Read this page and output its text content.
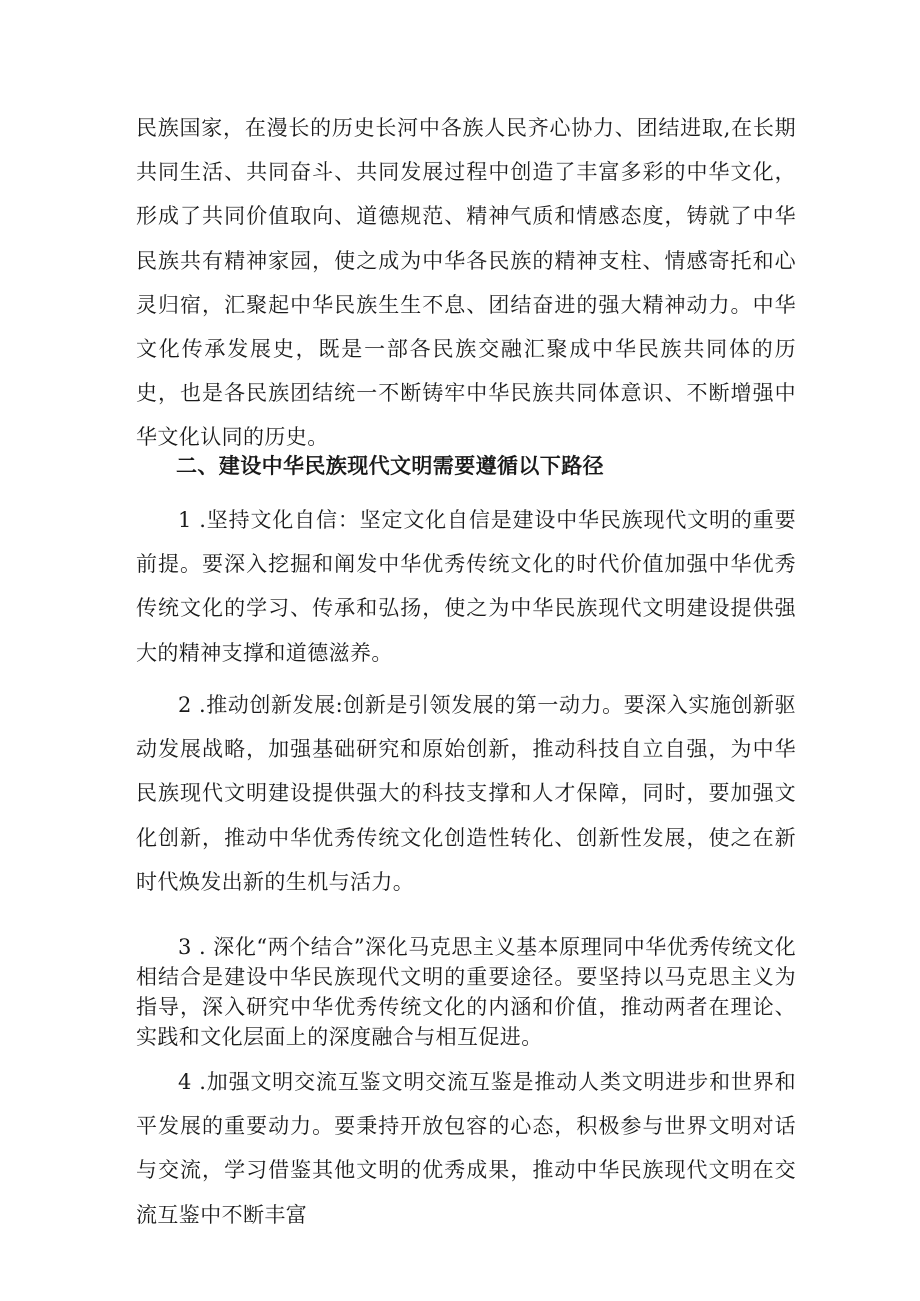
民族国家，在漫长的历史长河中各族人民齐心协力、团结进取,在长期共同生活、共同奋斗、共同发展过程中创造了丰富多彩的中华文化，形成了共同价值取向、道德规范、精神气质和情感态度，铸就了中华民族共有精神家园，使之成为中华各民族的精神支柱、情感寄托和心灵归宿，汇聚起中华民族生生不息、团结奋进的强大精神动力。中华文化传承发展史，既是一部各民族交融汇聚成中华民族共同体的历史，也是各民族团结统一不断铸牢中华民族共同体意识、不断增强中华文化认同的历史。

二、建设中华民族现代文明需要遵循以下路径

1 .坚持文化自信：坚定文化自信是建设中华民族现代文明的重要前提。要深入挖掘和阐发中华优秀传统文化的时代价值加强中华优秀传统文化的学习、传承和弘扬，使之为中华民族现代文明建设提供强大的精神支撑和道德滋养。

2 .推动创新发展:创新是引领发展的第一动力。要深入实施创新驱动发展战略，加强基础研究和原始创新，推动科技自立自强，为中华民族现代文明建设提供强大的科技支撑和人才保障，同时，要加强文化创新，推动中华优秀传统文化创造性转化、创新性发展，使之在新时代焕发出新的生机与活力。

3 . 深化“两个结合”深化马克思主义基本原理同中华优秀传统文化相结合是建设中华民族现代文明的重要途径。要坚持以马克思主义为指导，深入研究中华优秀传统文化的内涵和价值，推动两者在理论、实践和文化层面上的深度融合与相互促进。

4 .加强文明交流互鉴文明交流互鉴是推动人类文明进步和世界和平发展的重要动力。要秉持开放包容的心态，积极参与世界文明对话与交流，学习借鉴其他文明的优秀成果，推动中华民族现代文明在交流互鉴中不断丰富
